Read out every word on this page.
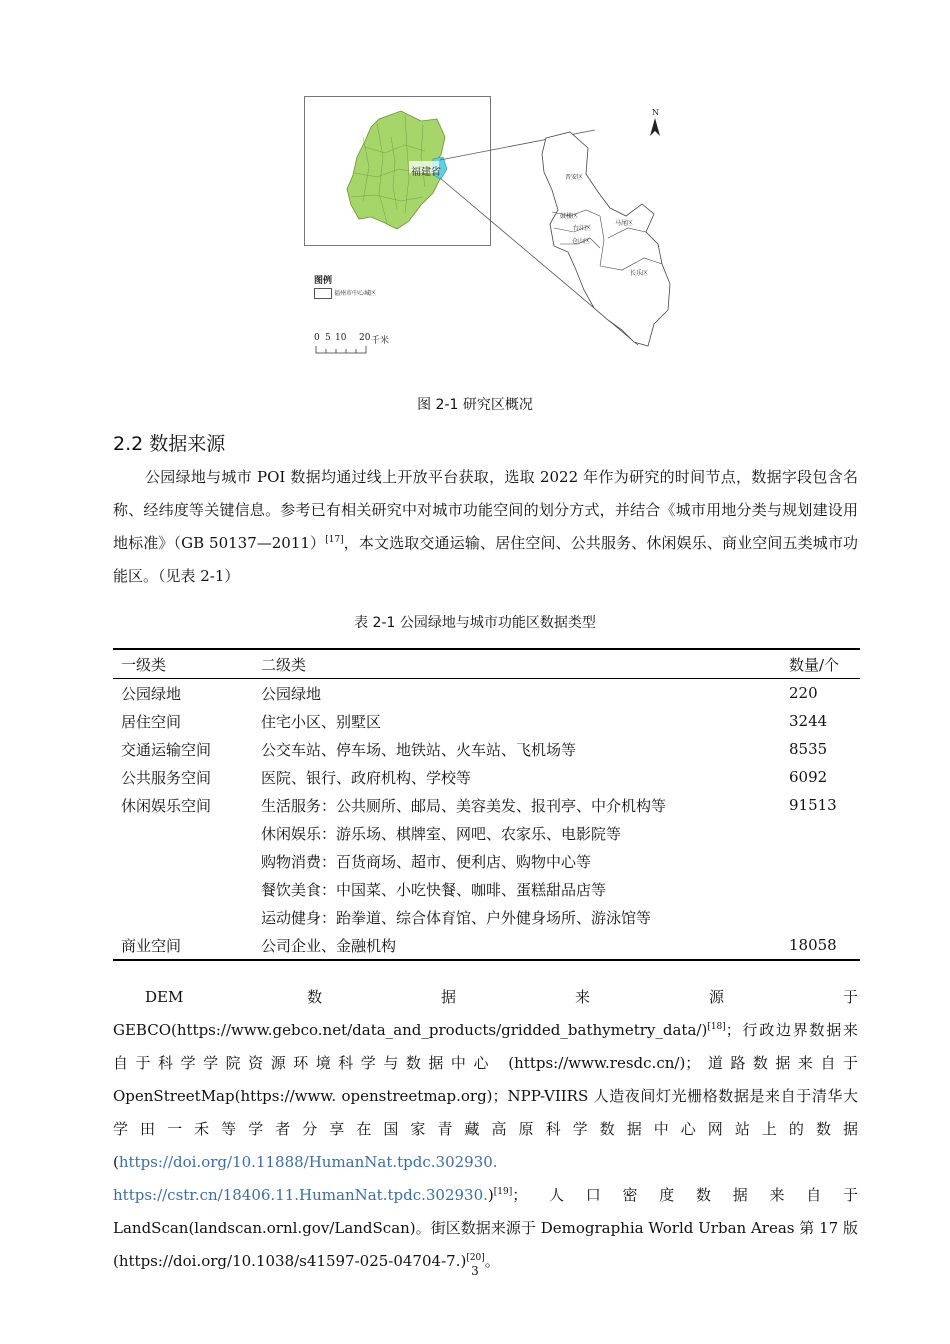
福建省	晋安区
鼓楼区
台江区
仓山区
马尾区
长乐区
N
图例
福州市中心城区
0 5 10 20 千米
图 2-1 研究区概况
2.2 数据来源

公园绿地与城市 POI 数据均通过线上开放平台获取，选取 2022 年作为研究的时间节点，数据字段包含名称、经纬度等关键信息。参考已有相关研究中对城市功能空间的划分方式，并结合《城市用地分类与规划建设用地标准》（GB 50137—2011）[17]，本文选取交通运输、居住空间、公共服务、休闲娱乐、商业空间五类城市功能区。（见表 2-1）

表 2-1 公园绿地与城市功能区数据类型
一级类	二级类	数量/个
公园绿地	公园绿地	220
居住空间	住宅小区、别墅区	3244
交通运输空间	公交车站、停车场、地铁站、火车站、飞机场等	8535
公共服务空间	医院、银行、政府机构、学校等	6092
休闲娱乐空间	生活服务：公共厕所、邮局、美容美发、报刊亭、中介机构等	91513
	休闲娱乐：游乐场、棋牌室、网吧、农家乐、电影院等	
	购物消费：百货商场、超市、便利店、购物中心等	
	餐饮美食：中国菜、小吃快餐、咖啡、蛋糕甜品店等	
	运动健身：跆拳道、综合体育馆、户外健身场所、游泳馆等	
商业空间	公司企业、金融机构	18058

DEM 数据来源于 GEBCO(https://www.gebco.net/data_and_products/gridded_bathymetry_data/)[18]；行政边界数据来自于科学学院资源环境科学与数据中心 (https://www.resdc.cn/)；道路数据来自于 OpenStreetMap(https://www. openstreetmap.org)；NPP-VIIRS 人造夜间灯光栅格数据是来自于清华大学田一禾等学者分享在国家青藏高原科学数据中心网站上的数据 (https://doi.org/10.11888/HumanNat.tpdc.302930. https://cstr.cn/18406.11.HumanNat.tpdc.302930.)[19]；人口密度数据来自于 LandScan(landscan.ornl.gov/LandScan)。街区数据来源于 Demographia World Urban Areas 第 17 版 (https://doi.org/10.1038/s41597-025-04704-7.)[20]。

3
